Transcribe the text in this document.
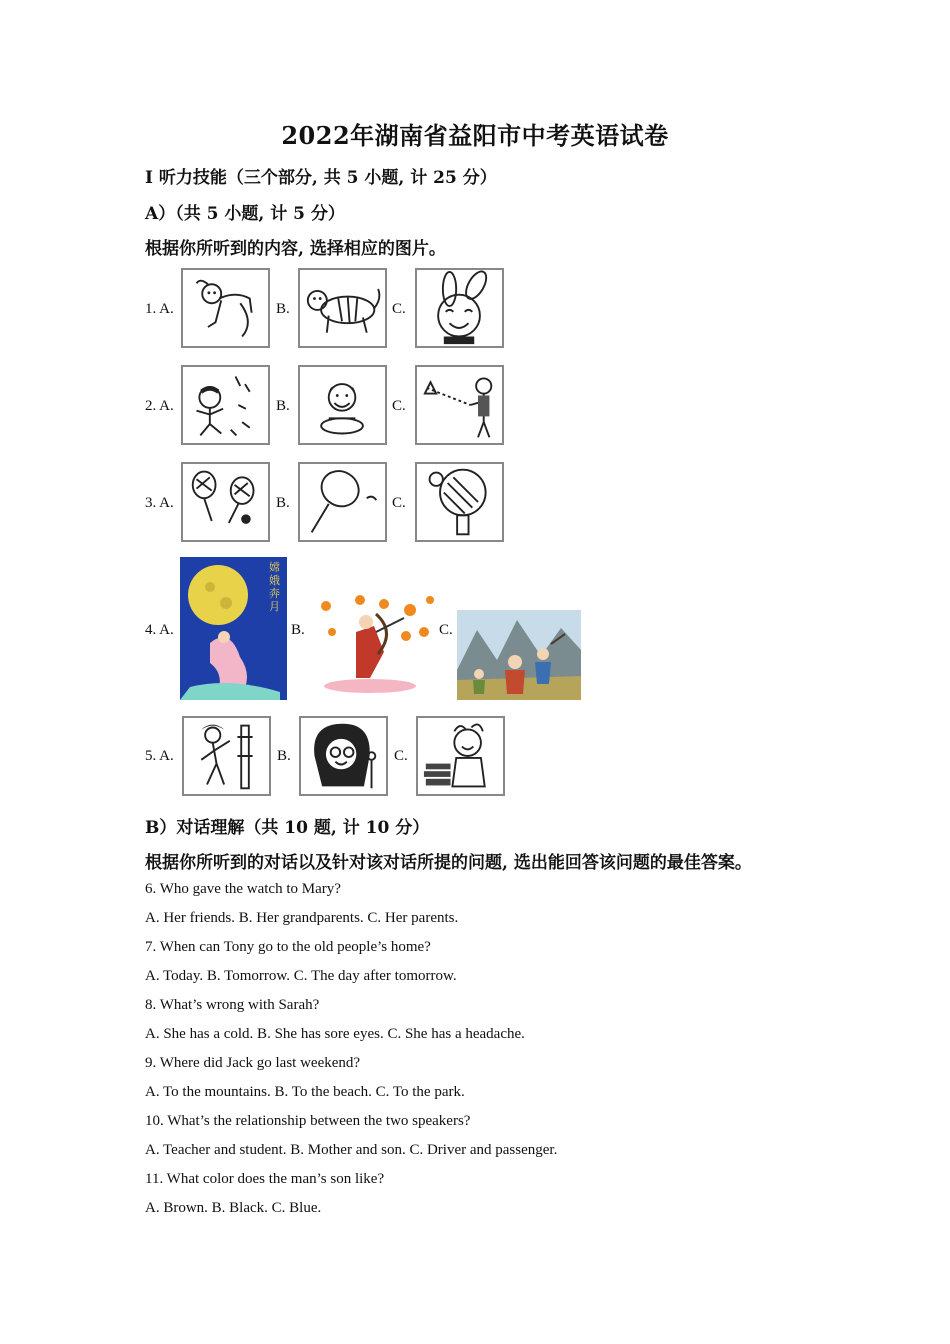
2022年湖南省益阳市中考英语试卷
I 听力技能（三个部分, 共 5 小题, 计 25 分）
A）（共 5 小题, 计 5 分）
根据你所听到的内容, 选择相应的图片。
1. A.	B.	C.
2. A.	B.	C.
3. A.	B.	C.
4. A.
嫦娥奔月
B.	C.
5. A.	B.	C.
B）对话理解（共 10 题, 计 10 分）
根据你所听到的对话以及针对该对话所提的问题, 选出能回答该问题的最佳答案。
6. Who gave the watch to Mary?
A. Her friends. B. Her grandparents. C. Her parents.
7. When can Tony go to the old people’s home?
A. Today. B. Tomorrow. C. The day after tomorrow.
8. What’s wrong with Sarah?
A. She has a cold. B. She has sore eyes. C. She has a headache.
9. Where did Jack go last weekend?
A. To the mountains. B. To the beach. C. To the park.
10. What’s the relationship between the two speakers?
A. Teacher and student. B. Mother and son. C. Driver and passenger.
11. What color does the man’s son like?
A. Brown. B. Black. C. Blue.
